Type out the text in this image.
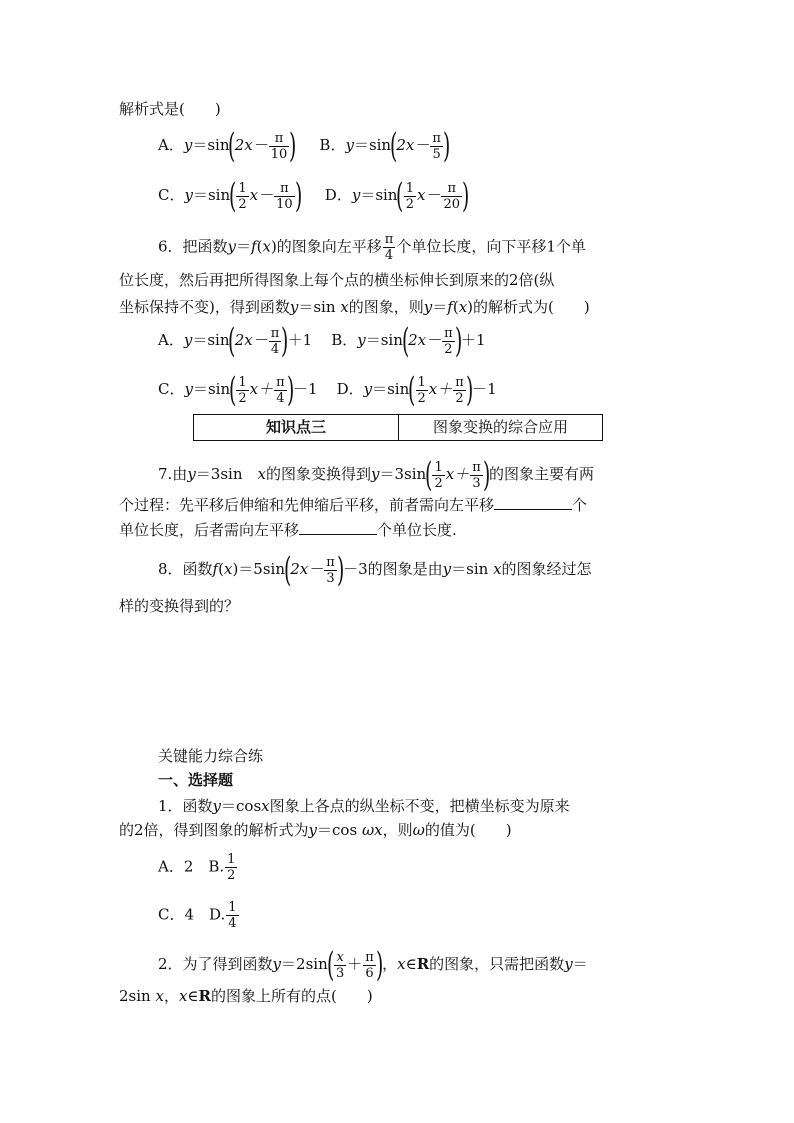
解析式是(　　)
A．$y=\sin(2x- \frac{\pi}{10}$ ) B．$y=\sin(2x- \frac{\pi}{5}$ )
C．$y=\sin( \frac{1}{2} x- \frac{\pi}{10}$ ) D．$y=\sin( \frac{1}{2} x- \frac{\pi}{20}$ )
6．把函数y＝f(x)的图象向左平移 $\frac{\pi}{4}$ 个单位长度，向下平移1个单
位长度，然后再把所得图象上每个点的横坐标伸长到原来的2倍(纵
坐标保持不变)，得到函数y＝sin x的图象，则y＝f(x)的解析式为(　　)
A．$y=\sin(2x- \frac{\pi}{4} )+1$ B．$y=\sin(2x- \frac{\pi}{2} )+1$
C．$y=\sin( \frac{1}{2} x+ \frac{\pi}{4} )-1$ D．$y=\sin( \frac{1}{2} x+ \frac{\pi}{2} )-1$
知识点三	图象变换的综合应用
7.由y＝3sin　x的图象变换得到$y=3\sin( \frac{1}{2} x+ \frac{\pi}{3}$ )的图象主要有两
个过程：先平移后伸缩和先伸缩后平移，前者需向左平移	个
单位长度，后者需向左平移	个单位长度.
8．函数$f(x)=5\sin(2x- \frac{\pi}{3} )-3$的图象是由y＝sin x的图象经过怎
样的变换得到的？
关键能力综合练
一、选择题
1．函数y＝cosx图象上各点的纵坐标不变，把横坐标变为原来
的2倍，得到图象的解析式为y＝cos ωx，则ω的值为(　　)
A．2　B. $\frac{1}{2}$
C．4　D. $\frac{1}{4}$
2．为了得到函数$y=2\sin( \frac{x}{3} + \frac{\pi}{6}$ )，x∈R的图象，只需把函数y＝
2sin x，x∈R的图象上所有的点(　　)
